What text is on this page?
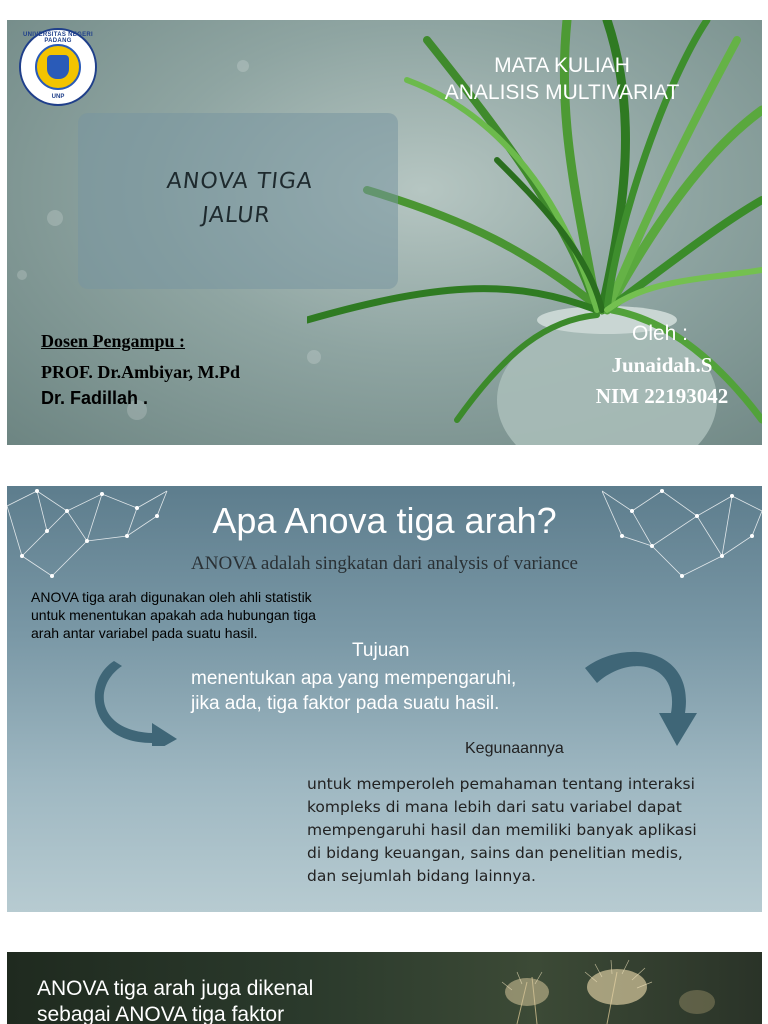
UNIVERSITAS NEGERI PADANG
UNP
MATA KULIAH
ANALISIS MULTIVARIAT
ANOVA TIGA
JALUR
Dosen Pengampu :
PROF. Dr.Ambiyar, M.Pd
Dr. Fadillah .
Oleh :
Junaidah.S
NIM 22193042
Apa Anova tiga arah?
ANOVA adalah singkatan dari analysis of variance
ANOVA tiga arah digunakan oleh ahli statistik untuk menentukan apakah ada hubungan tiga arah antar variabel pada suatu hasil.
Tujuan
menentukan apa yang mempengaruhi,
jika ada, tiga faktor pada suatu hasil.
Kegunaannya
untuk memperoleh pemahaman tentang interaksi
kompleks di mana lebih dari satu variabel dapat
mempengaruhi hasil dan memiliki banyak aplikasi
di bidang keuangan, sains dan penelitian medis,
dan sejumlah bidang lainnya.
ANOVA tiga arah juga dikenal
sebagai ANOVA tiga faktor
